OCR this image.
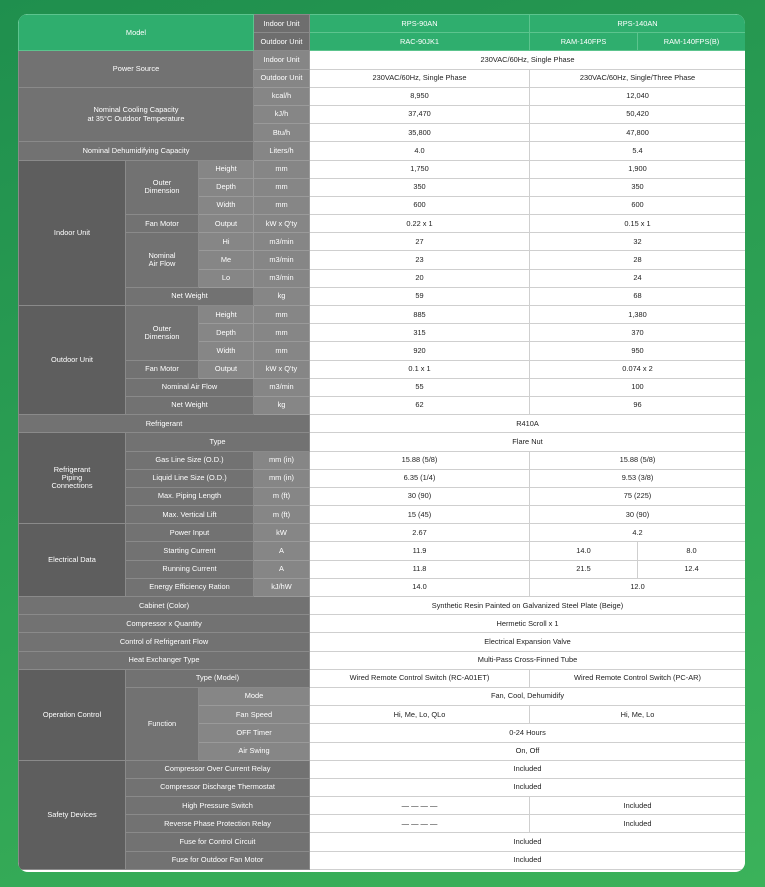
Model			Indoor Unit	RPS-90AN	RPS-140AN	
			Outdoor Unit	RAC-90JK1	RAM-140FPS	RAM-140FPS(B)
Power Source			Indoor Unit	230VAC/60Hz, Single Phase		
			Outdoor Unit	230VAC/60Hz, Single Phase	230VAC/60Hz, Single/Three Phase	

Nominal Cooling Capacity
at 35°C Outdoor Temperature			kcal/h	8,950	12,040	
			kJ/h	37,470	50,420	
			Btu/h	35,800	47,800	
Nominal Dehumidifying Capacity			Liters/h	4.0	5.4	
Indoor Unit	Outer
Dimension	Height	mm	1,750	1,900	
		Depth	mm	350	350	
		Width	mm	600	600	
	Fan Motor	Output	kW x Q'ty	0.22 x 1	0.15 x 1	

	Nominal
Air Flow	Hi	m3/min	27	32	
		Me	m3/min	23	28	
		Lo	m3/min	20	24	
	Net Weight		kg	59	68	
Outdoor Unit	Outer
Dimension	Height	mm	885	1,380	
		Depth	mm	315	370	
		Width	mm	920	950	
	Fan Motor	Output	kW x Q'ty	0.1 x 1	0.074 x 2	
	Nominal Air Flow		m3/min	55	100	
	Net Weight		kg	62	96	
Refrigerant				R410A		

Refrigerant
Piping
Connections	Type			Flare Nut		
	Gas Line Size (O.D.)		mm (in)	15.88 (5/8)	15.88 (5/8)	
	Liquid Line Size (O.D.)		mm (in)	6.35 (1/4)	9.53 (3/8)	
	Max. Piping Length		m (ft)	30 (90)	75 (225)	
	Max. Vertical Lift		m (ft)	15 (45)	30 (90)	
Electrical Data	Power Input		kW	2.67	4.2	
	Starting Current		A	11.9	14.0	8.0
	Running Current		A	11.8	21.5	12.4
	Energy Efficiency Ration		kJ/hW	14.0	12.0	
Cabinet (Color)				Synthetic Resin Painted on Galvanized Steel Plate (Beige)		
Compressor x Quantity				Hermetic Scroll x 1		
Control of Refrigerant Flow				Electrical Expansion Valve		
Heat Exchanger Type				Multi-Pass Cross-Finned Tube		
Operation Control	Type (Model)			Wired Remote Control Switch (RC-A01ET)	Wired Remote Control Switch (PC-AR)	
	Function	Mode		Fan, Cool, Dehumidify		
		Fan Speed		Hi, Me, Lo, QLo	Hi, Me, Lo	
		OFF Timer		0-24 Hours		
		Air Swing		On, Off		
Safety Devices	Compressor Over Current Relay			Included		
	Compressor Discharge Thermostat			Included		
	High Pressure Switch			— — — —	Included	
	Reverse Phase Protection Relay			— — — —	Included	
	Fuse for Control Circuit			Included		
	Fuse for Outdoor Fan Motor			Included		
